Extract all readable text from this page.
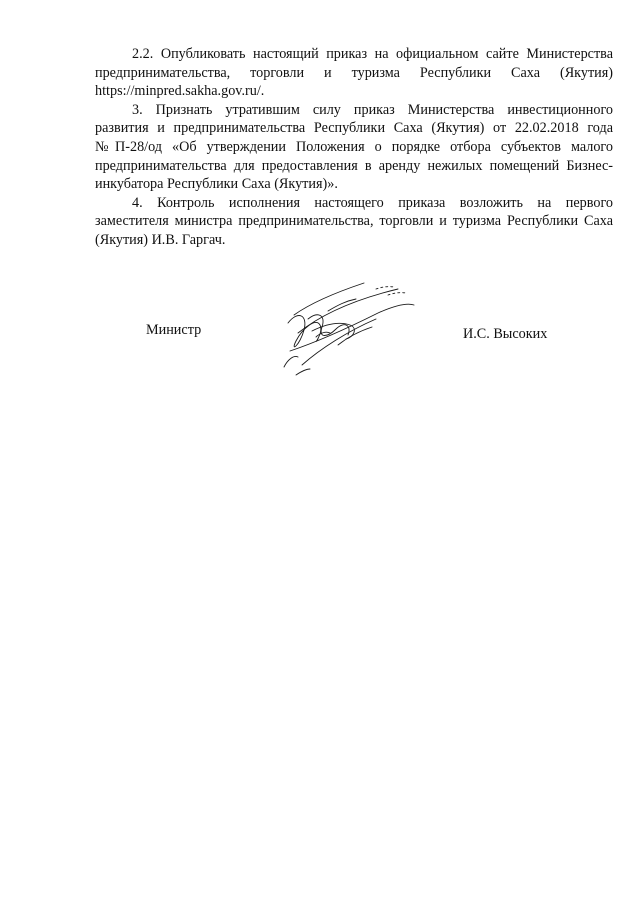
2.2. Опубликовать настоящий приказ на официальном сайте Министерства предпринимательства, торговли и туризма Республики Саха (Якутия) https://minpred.sakha.gov.ru/.

3. Признать утратившим силу приказ Министерства инвестиционного развития и предпринимательства Республики Саха (Якутия) от 22.02.2018 года №П-28/од «Об утверждении Положения о порядке отбора субъектов малого предпринимательства для предоставления в аренду нежилых помещений Бизнес-инкубатора Республики Саха (Якутия)».

4. Контроль исполнения настоящего приказа возложить на первого заместителя министра предпринимательства, торговли и туризма Республики Саха (Якутия) И.В. Гаргач.

Министр	И.С. Высоких
